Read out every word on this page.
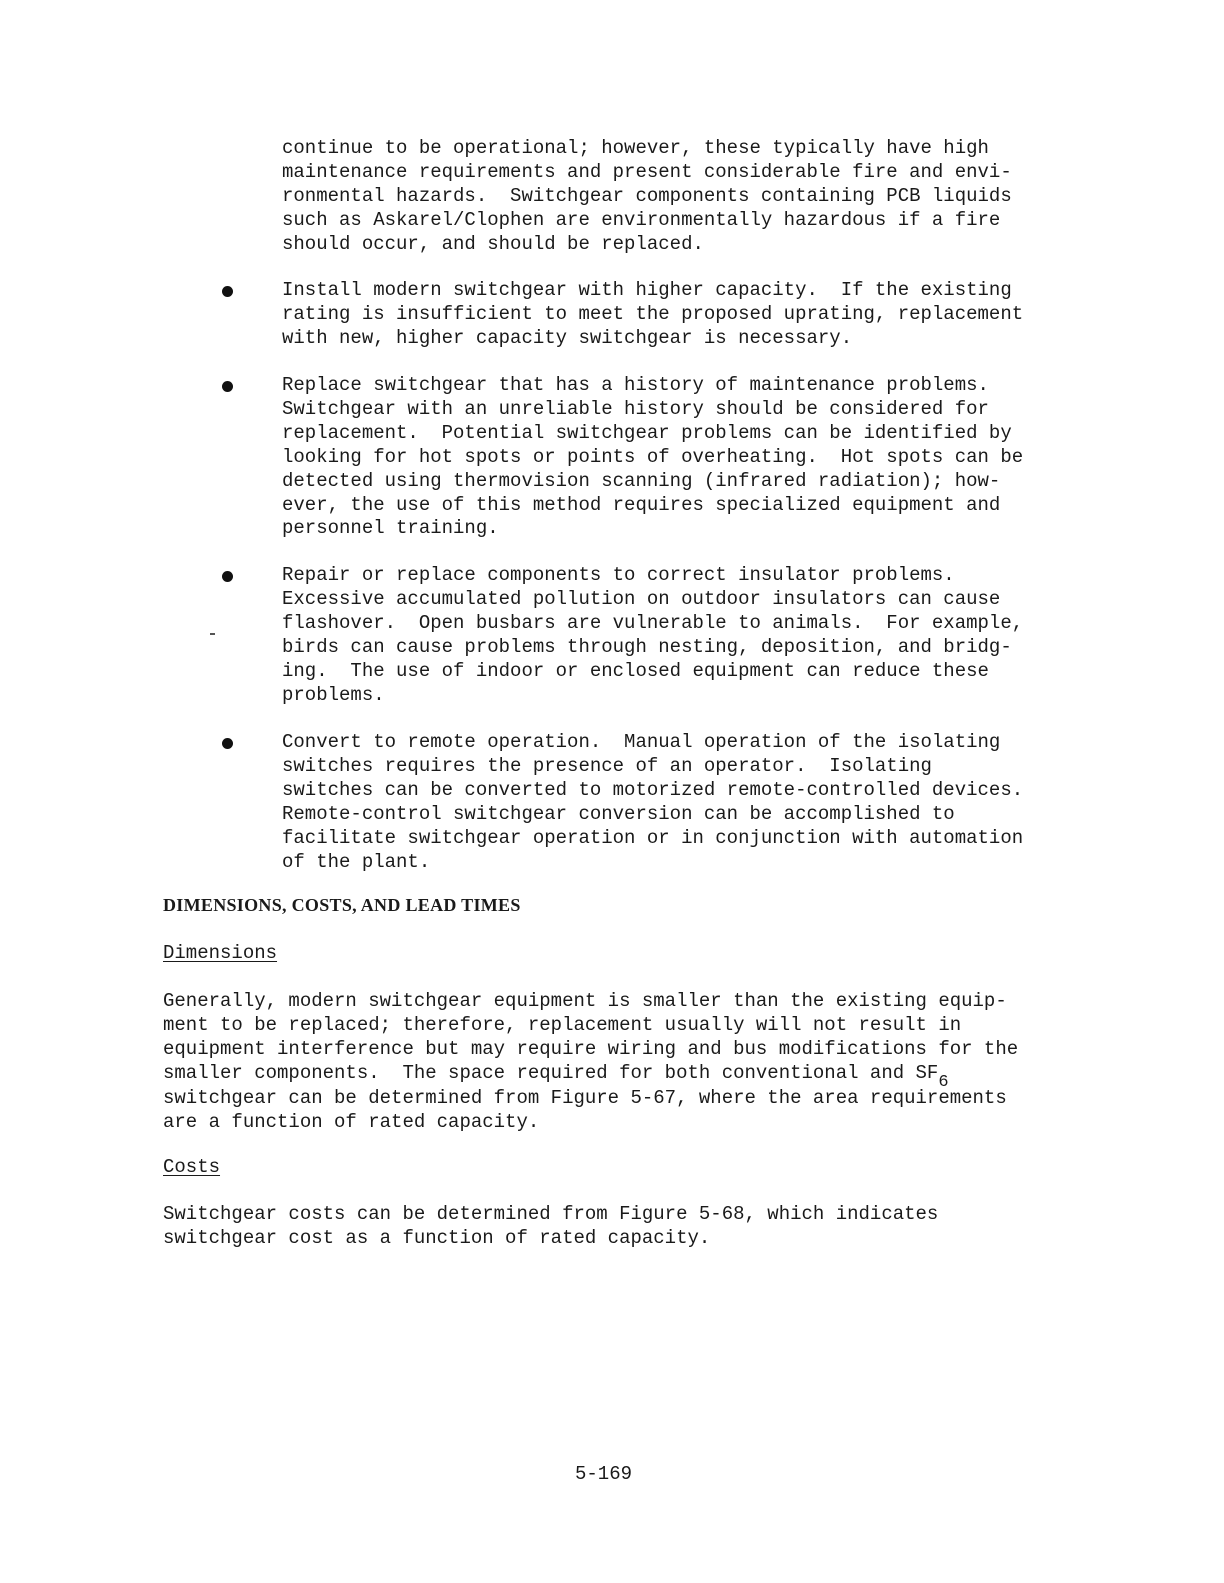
continue to be operational; however, these typically have high
maintenance requirements and present considerable fire and envi-
ronmental hazards.  Switchgear components containing PCB liquids
such as Askarel/Clophen are environmentally hazardous if a fire
should occur, and should be replaced.
Install modern switchgear with higher capacity.  If the existing
rating is insufficient to meet the proposed uprating, replacement
with new, higher capacity switchgear is necessary.
Replace switchgear that has a history of maintenance problems.
Switchgear with an unreliable history should be considered for
replacement.  Potential switchgear problems can be identified by
looking for hot spots or points of overheating.  Hot spots can be
detected using thermovision scanning (infrared radiation); how-
ever, the use of this method requires specialized equipment and
personnel training.
Repair or replace components to correct insulator problems.
Excessive accumulated pollution on outdoor insulators can cause
flashover.  Open busbars are vulnerable to animals.  For example,
birds can cause problems through nesting, deposition, and bridg-
ing.  The use of indoor or enclosed equipment can reduce these
problems.
Convert to remote operation.  Manual operation of the isolating
switches requires the presence of an operator.  Isolating
switches can be converted to motorized remote-controlled devices.
Remote-control switchgear conversion can be accomplished to
facilitate switchgear operation or in conjunction with automation
of the plant.
DIMENSIONS, COSTS, AND LEAD TIMES
Dimensions
Generally, modern switchgear equipment is smaller than the existing equip-
ment to be replaced; therefore, replacement usually will not result in
equipment interference but may require wiring and bus modifications for the
smaller components.  The space required for both conventional and SF6
switchgear can be determined from Figure 5-67, where the area requirements
are a function of rated capacity.
Costs
Switchgear costs can be determined from Figure 5-68, which indicates
switchgear cost as a function of rated capacity.
5-169
